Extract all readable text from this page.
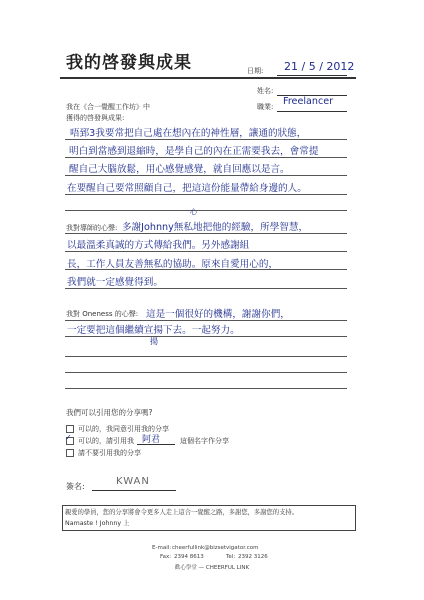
我的啓發與成果	日期: 21 / 5 / 2012
姓名:
我在《合一覺醒工作坊》中	職業: Freelancer
獲得的啓發與成果:
唔郅3我要常把自己處在想內在的神性層，讓通的狀態，
明白到當感到退縮時，是學自己的內在正需要我去，會常提
醒自己大腦放鬆，用心感覺感覺，就自回應以是言。
在要醒自己要常照顧自己，把這這份能量帶給身邊的人。
我對導師的心聲:
心
多謝Johnny無私地把他的經驗，所學智慧，
以最溫柔真誠的方式傳給我們。另外感謝組
長，工作人員友善無私的協助。原來自愛用心的，
我們就一定感覺得到。
我對 Oneness 的心聲: 這是一個很好的機構，謝謝你們，
一定要把這個繼續宣揚下去。一起努力。
揚
我們可以引用您的分享嗎?
可以的，我同意引用我的分享
✓ 可以的，請引用我 阿君	這個名字作分享
請不要引用我的分享
簽名:	KWAN
親愛的學員，您的分享將會令更多人走上這合一覺醒之路，多謝您，多謝您的支持。
Namaste ! Johnny 上
E-mail: cheerfullink@bizsetvigator.com
Fax: 2394 8613	Tel: 2392 3126
歡心學堂 — CHEERFUL LINK
